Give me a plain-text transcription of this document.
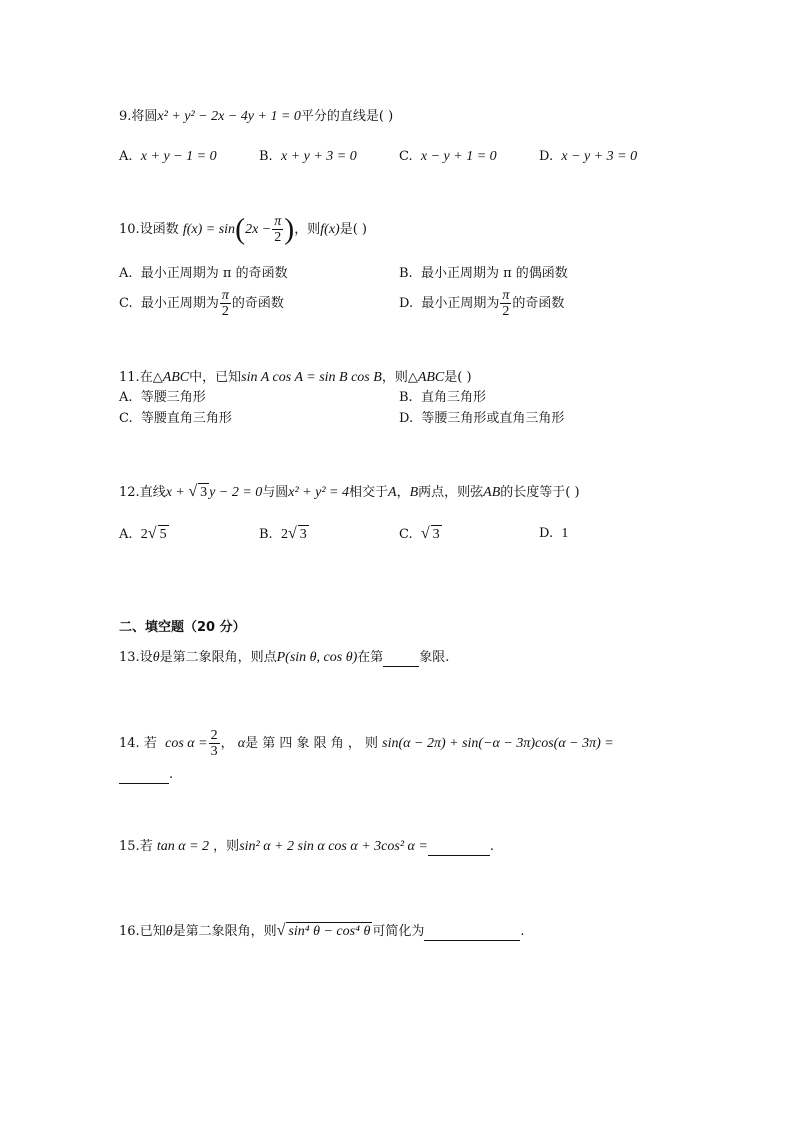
9.将圆x² + y² − 2x − 4y + 1 = 0平分的直线是( )
A. x + y − 1 = 0	B. x + y + 3 = 0	C. x − y + 1 = 0	D. x − y + 3 = 0
10.设函数 $f(x) = \sin(2x - \frac{\pi}{2}$ )，则f(x)是( )
A. 最小正周期为 π 的奇函数	B. 最小正周期为 π 的偶函数
C. 最小正周期为 $\frac{\pi}{2}$ 的奇函数	D. 最小正周期为 $\frac{\pi}{2}$ 的奇函数
11.在△ABC中，已知sin A cos A = sin B cos B，则△ABC是( )
A. 等腰三角形	B. 直角三角形
C. 等腰直角三角形	D. 等腰三角形或直角三角形
12.直线x + √ 3 y − 2 = 0与圆x² + y² = 4相交于A，B两点，则弦AB的长度等于( )
A. 2√ 5	B. 2√ 3	C. √ 3	D. 1
二、填空题（20 分）
13.设θ是第二象限角，则点P(sin θ, cos θ)在第	象限.
14. 若 $\cos \alpha = \frac{2}{3}$ ， α是 第 四 象 限 角 ， 则 sin(α − 2π) + sin(−α − 3π)cos(α − 3π) =
.
15.若 tan α = 2 ，则sin² α + 2 sin α cos α + 3cos² α =	.
16.已知θ是第二象限角，则√ sin⁴ θ − cos⁴ θ 可简化为	.
